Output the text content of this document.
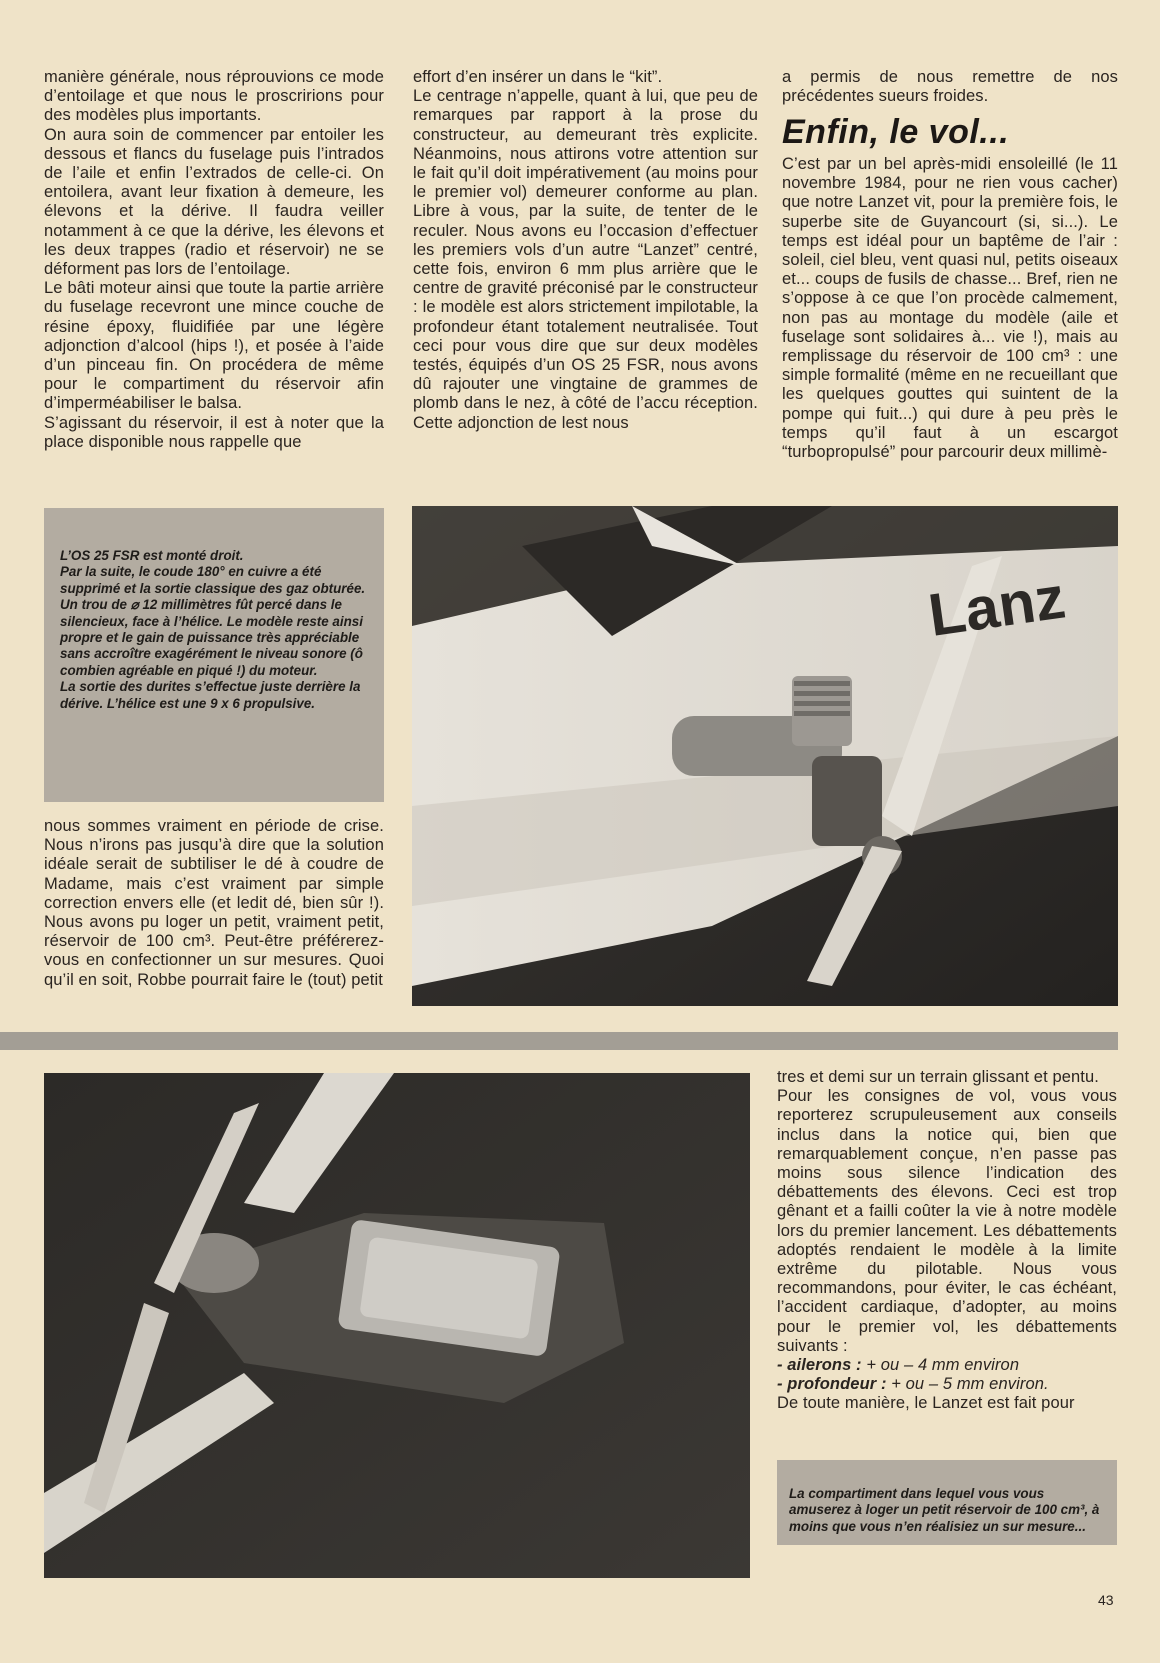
manière générale, nous réprouvions ce mode d’entoilage et que nous le proscririons pour des modèles plus importants.

On aura soin de commencer par entoiler les dessous et flancs du fuselage puis l’intrados de l’aile et enfin l’extrados de celle-ci. On entoilera, avant leur fixation à demeure, les élevons et la dérive. Il faudra veiller notamment à ce que la dérive, les élevons et les deux trappes (radio et réservoir) ne se déforment pas lors de l’entoilage.

Le bâti moteur ainsi que toute la partie arrière du fuselage recevront une mince couche de résine époxy, fluidifiée par une légère adjonction d’alcool (hips !), et posée à l’aide d’un pinceau fin. On procédera de même pour le compartiment du réservoir afin d’imperméabiliser le balsa.

S’agissant du réservoir, il est à noter que la place disponible nous rappelle que

effort d’en insérer un dans le “kit”.

Le centrage n’appelle, quant à lui, que peu de remarques par rapport à la prose du constructeur, au demeurant très explicite. Néanmoins, nous attirons votre attention sur le fait qu’il doit impérativement (au moins pour le premier vol) demeurer conforme au plan. Libre à vous, par la suite, de tenter de le reculer. Nous avons eu l’occasion d’effectuer les premiers vols d’un autre “Lanzet” centré, cette fois, environ 6 mm plus arrière que le centre de gravité préconisé par le constructeur : le modèle est alors strictement impilotable, la profondeur étant totalement neutralisée. Tout ceci pour vous dire que sur deux modèles testés, équipés d’un OS 25 FSR, nous avons dû rajouter une vingtaine de grammes de plomb dans le nez, à côté de l’accu réception. Cette adjonction de lest nous

a permis de nous remettre de nos précédentes sueurs froides.

Enfin, le vol...

C’est par un bel après-midi ensoleillé (le 11 novembre 1984, pour ne rien vous cacher) que notre Lanzet vit, pour la première fois, le superbe site de Guyancourt (si, si...). Le temps est idéal pour un baptême de l’air : soleil, ciel bleu, vent quasi nul, petits oiseaux et... coups de fusils de chasse... Bref, rien ne s’oppose à ce que l’on procède calmement, non pas au montage du modèle (aile et fuselage sont solidaires à... vie !), mais au remplissage du réservoir de 100 cm³ : une simple formalité (même en ne recueillant que les quelques gouttes qui suintent de la pompe qui fuit...) qui dure à peu près le temps qu’il faut à un escargot “turbopropulsé” pour parcourir deux millimè-

L’OS 25 FSR est monté droit.
Par la suite, le coude 180° en cuivre a été supprimé et la sortie classique des gaz obturée. Un trou de ⌀ 12 millimètres fût percé dans le silencieux, face à l’hélice. Le modèle reste ainsi propre et le gain de puissance très appréciable sans accroître exagérément le niveau sonore (ô combien agréable en piqué !) du moteur.
La sortie des durites s’effectue juste derrière la dérive. L’hélice est une 9 x 6 propulsive.
Lanz

nous sommes vraiment en période de crise. Nous n’irons pas jusqu’à dire que la solution idéale serait de subtiliser le dé à coudre de Madame, mais c’est vraiment par simple correction envers elle (et ledit dé, bien sûr !). Nous avons pu loger un petit, vraiment petit, réservoir de 100 cm³. Peut-être préférerez-vous en confectionner un sur mesures. Quoi qu’il en soit, Robbe pourrait faire le (tout) petit

tres et demi sur un terrain glissant et pentu.

Pour les consignes de vol, vous vous reporterez scrupuleusement aux conseils inclus dans la notice qui, bien que remarquablement conçue, n’en passe pas moins sous silence l’indication des débattements des élevons. Ceci est trop gênant et a failli coûter la vie à notre modèle lors du premier lancement. Les débattements adoptés rendaient le modèle à la limite extrême du pilotable. Nous vous recommandons, pour éviter, le cas échéant, l’accident cardiaque, d’adopter, au moins pour le premier vol, les débattements suivants :

- ailerons : + ou – 4 mm environ

- profondeur : + ou – 5 mm environ.

De toute manière, le Lanzet est fait pour

La compartiment dans lequel vous vous amuserez à loger un petit réservoir de 100 cm³, à moins que vous n’en réalisiez un sur mesure...
43
